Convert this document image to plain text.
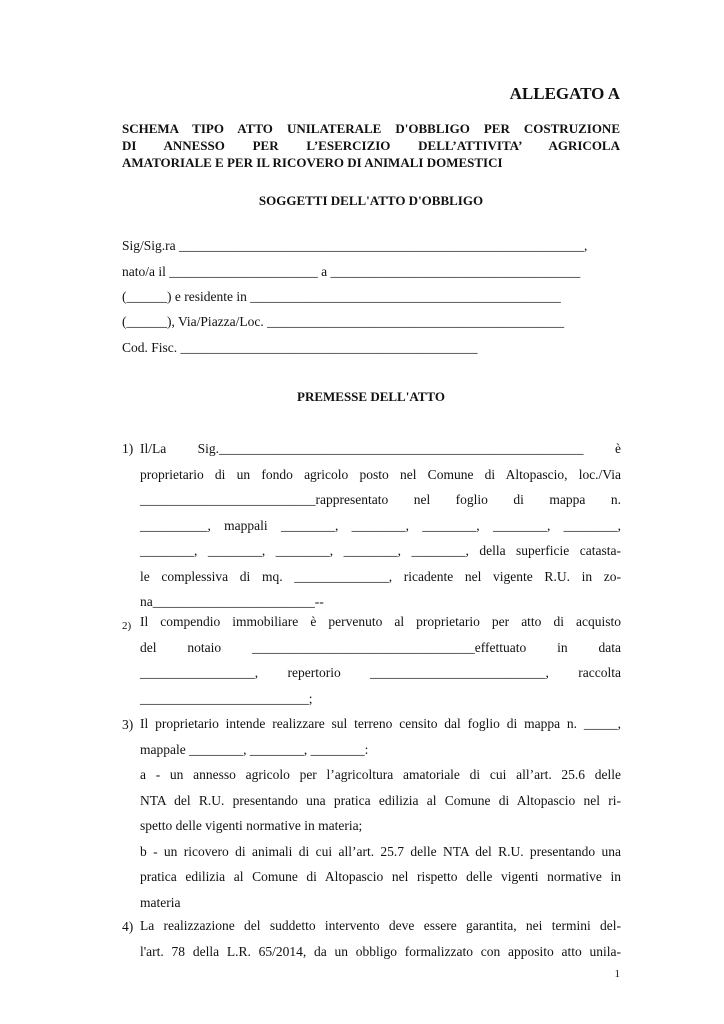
ALLEGATO A

SCHEMA TIPO ATTO UNILATERALE D'OBBLIGO PER COSTRUZIONE
DI ANNESSO PER L’ESERCIZIO DELL’ATTIVITA’ AGRICOLA
AMATORIALE E PER IL RICOVERO DI ANIMALI DOMESTICI

SOGGETTI DELL'ATTO D'OBBLIGO

Sig/Sig.ra ____________________________________________________________,
nato/a il ______________________ a _____________________________________
(______) e residente in ______________________________________________
(______), Via/Piazza/Loc. ____________________________________________
Cod. Fisc. ____________________________________________

PREMESSE DELL'ATTO

1) Il/La Sig.______________________________________________________ è
proprietario di un fondo agricolo posto nel Comune di Altopascio, loc./Via
__________________________rappresentato nel foglio di mappa n.
__________, mappali ________, ________, ________, ________, ________,
________, ________, ________, ________, ________, della superficie catasta-
le complessiva di mq. ______________, ricadente nel vigente R.U. in zo-
na________________________--
2) Il compendio immobiliare è pervenuto al proprietario per atto di acquisto
del notaio _________________________________effettuato in data
_________________, repertorio __________________________, raccolta
_________________________;
3) Il proprietario intende realizzare sul terreno censito dal foglio di mappa n. _____,
mappale ________, ________, ________:
a - un annesso agricolo per l’agricoltura amatoriale di cui all’art. 25.6 delle
NTA del R.U. presentando una pratica edilizia al Comune di Altopascio nel ri-
spetto delle vigenti normative in materia;
b - un ricovero di animali di cui all’art. 25.7 delle NTA del R.U. presentando una
pratica edilizia al Comune di Altopascio nel rispetto delle vigenti normative in
materia
4) La realizzazione del suddetto intervento deve essere garantita, nei termini del-
l'art. 78 della L.R. 65/2014, da un obbligo formalizzato con apposito atto unila-
1
